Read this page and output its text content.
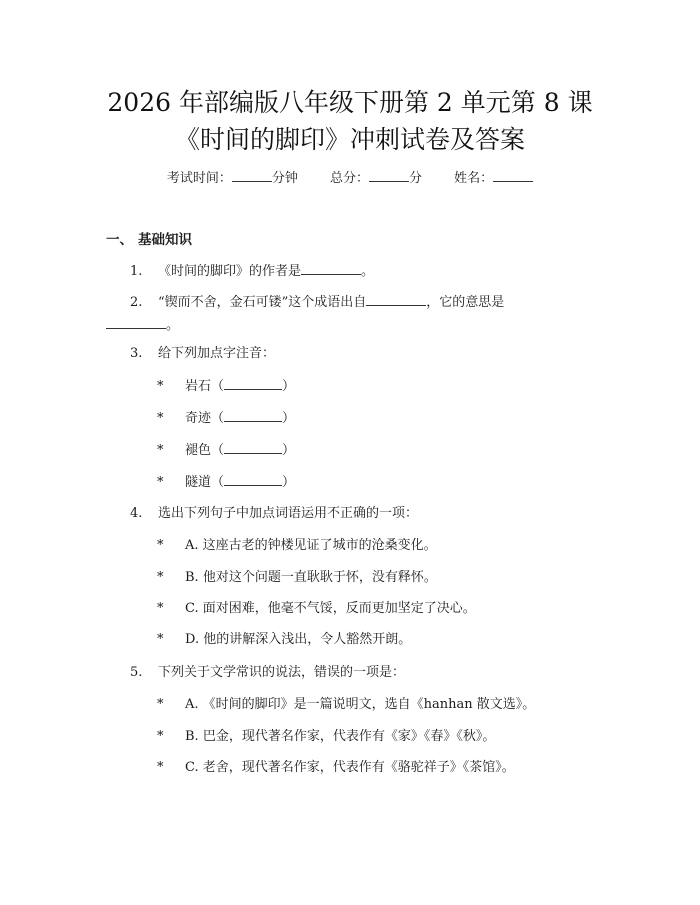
2026 年部编版八年级下册第 2 单元第 8 课
《时间的脚印》冲刺试卷及答案
考试时间：	分钟 总分：	分 姓名：
一、 基础知识
1. 《时间的脚印》的作者是	。
2. “锲而不舍，金石可镂”这个成语出自	，它的意思是
。
3. 给下列加点字注音：
* 岩石（	）
* 奇迹（	）
* 褪色（	）
* 隧道（	）
4. 选出下列句子中加点词语运用不正确的一项：
* A. 这座古老的钟楼见证了城市的沧桑变化。
* B. 他对这个问题一直耿耿于怀，没有释怀。
* C. 面对困难，他毫不气馁，反而更加坚定了决心。
* D. 他的讲解深入浅出，令人豁然开朗。
5. 下列关于文学常识的说法，错误的一项是：
* A. 《时间的脚印》是一篇说明文，选自《hanhan 散文选》。
* B. 巴金，现代著名作家，代表作有《家》《春》《秋》。
* C. 老舍，现代著名作家，代表作有《骆驼祥子》《茶馆》。
